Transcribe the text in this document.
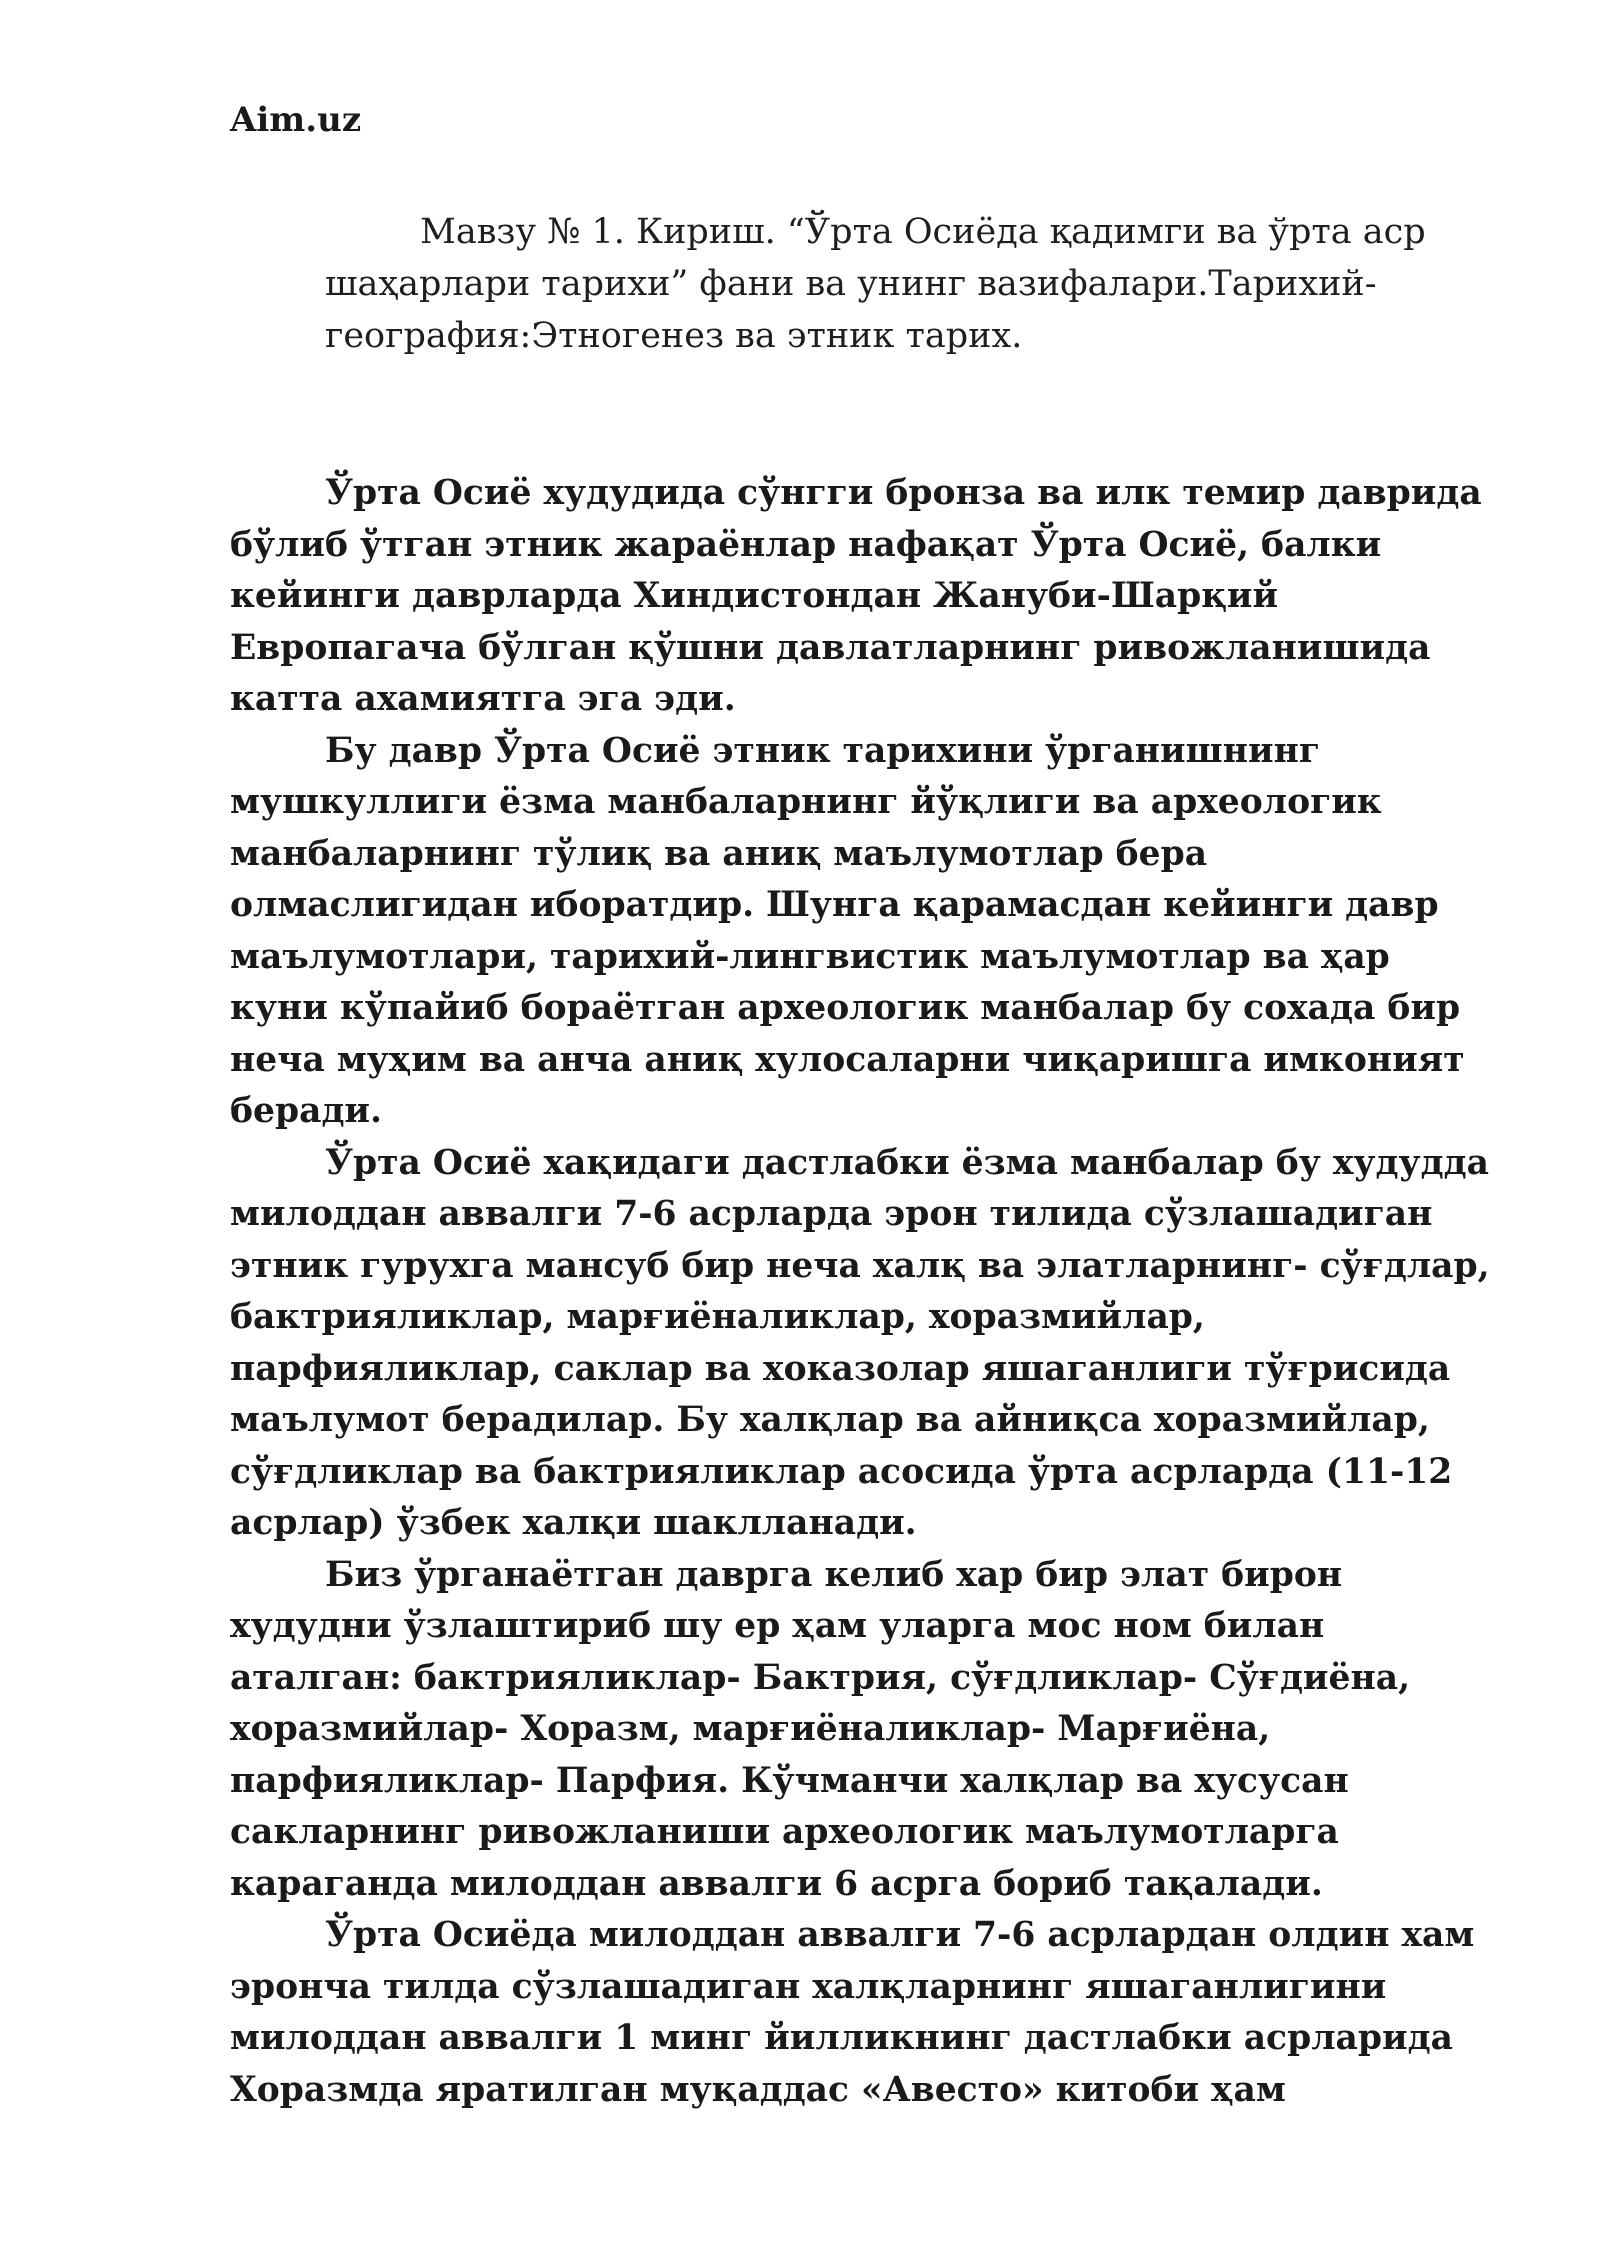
Aim.uz

Мавзу № 1. Кириш. “Ўрта Осиёда қадимги ва ўрта аср шаҳарлари тарихи” фани ва унинг вазифалари.Тарихий-география:Этногенез ва этник тарих.

Ўрта Осиё худудида сўнгги бронза ва илк темир даврида бўлиб ўтган этник жараёнлар нафақат Ўрта Осиё, балки кейинги даврларда Хиндистондан Жануби-Шарқий Европагача бўлган қўшни давлатларнинг ривожланишида катта ахамиятга эга эди.

Бу давр Ўрта Осиё этник тарихини ўрганишнинг мушкуллиги ёзма манбаларнинг йўқлиги ва археологик манбаларнинг тўлиқ ва аниқ маълумотлар бера олмаслигидан иборатдир. Шунга қарамасдан кейинги давр маълумотлари, тарихий-лингвистик маълумотлар ва ҳар куни кўпайиб бораётган археологик манбалар бу сохада бир неча муҳим ва анча аниқ хулосаларни чиқаришга имконият беради.

Ўрта Осиё хақидаги дастлабки ёзма манбалар бу худудда милоддан аввалги 7-6 асрларда эрон тилида сўзлашадиган этник гурухга мансуб бир неча халқ ва элатларнинг- сўғдлар, бактрияликлар, марғиёналиклар, хоразмийлар, парфияликлар, саклар ва хоказолар яшаганлиги тўғрисида маълумот берадилар. Бу халқлар ва айниқса хоразмийлар, сўғдликлар ва бактрияликлар асосида ўрта асрларда (11-12 асрлар) ўзбек халқи шаклланади.

Биз ўрганаётган даврга келиб хар бир элат бирон худудни ўзлаштириб шу ер ҳам уларга мос ном билан аталган: бактрияликлар- Бактрия, сўғдликлар- Сўғдиёна, хоразмийлар- Хоразм, марғиёналиклар- Марғиёна, парфияликлар- Парфия. Кўчманчи халқлар ва хусусан сакларнинг ривожланиши археологик маълумотларга караганда милоддан аввалги 6 асрга бориб тақалади.

Ўрта Осиёда милоддан аввалги 7-6 асрлардан олдин хам эронча тилда сўзлашадиган халқларнинг яшаганлигини милоддан аввалги 1 минг йилликнинг дастлабки асрларида Хоразмда яратилган муқаддас «Авесто» китоби ҳам
